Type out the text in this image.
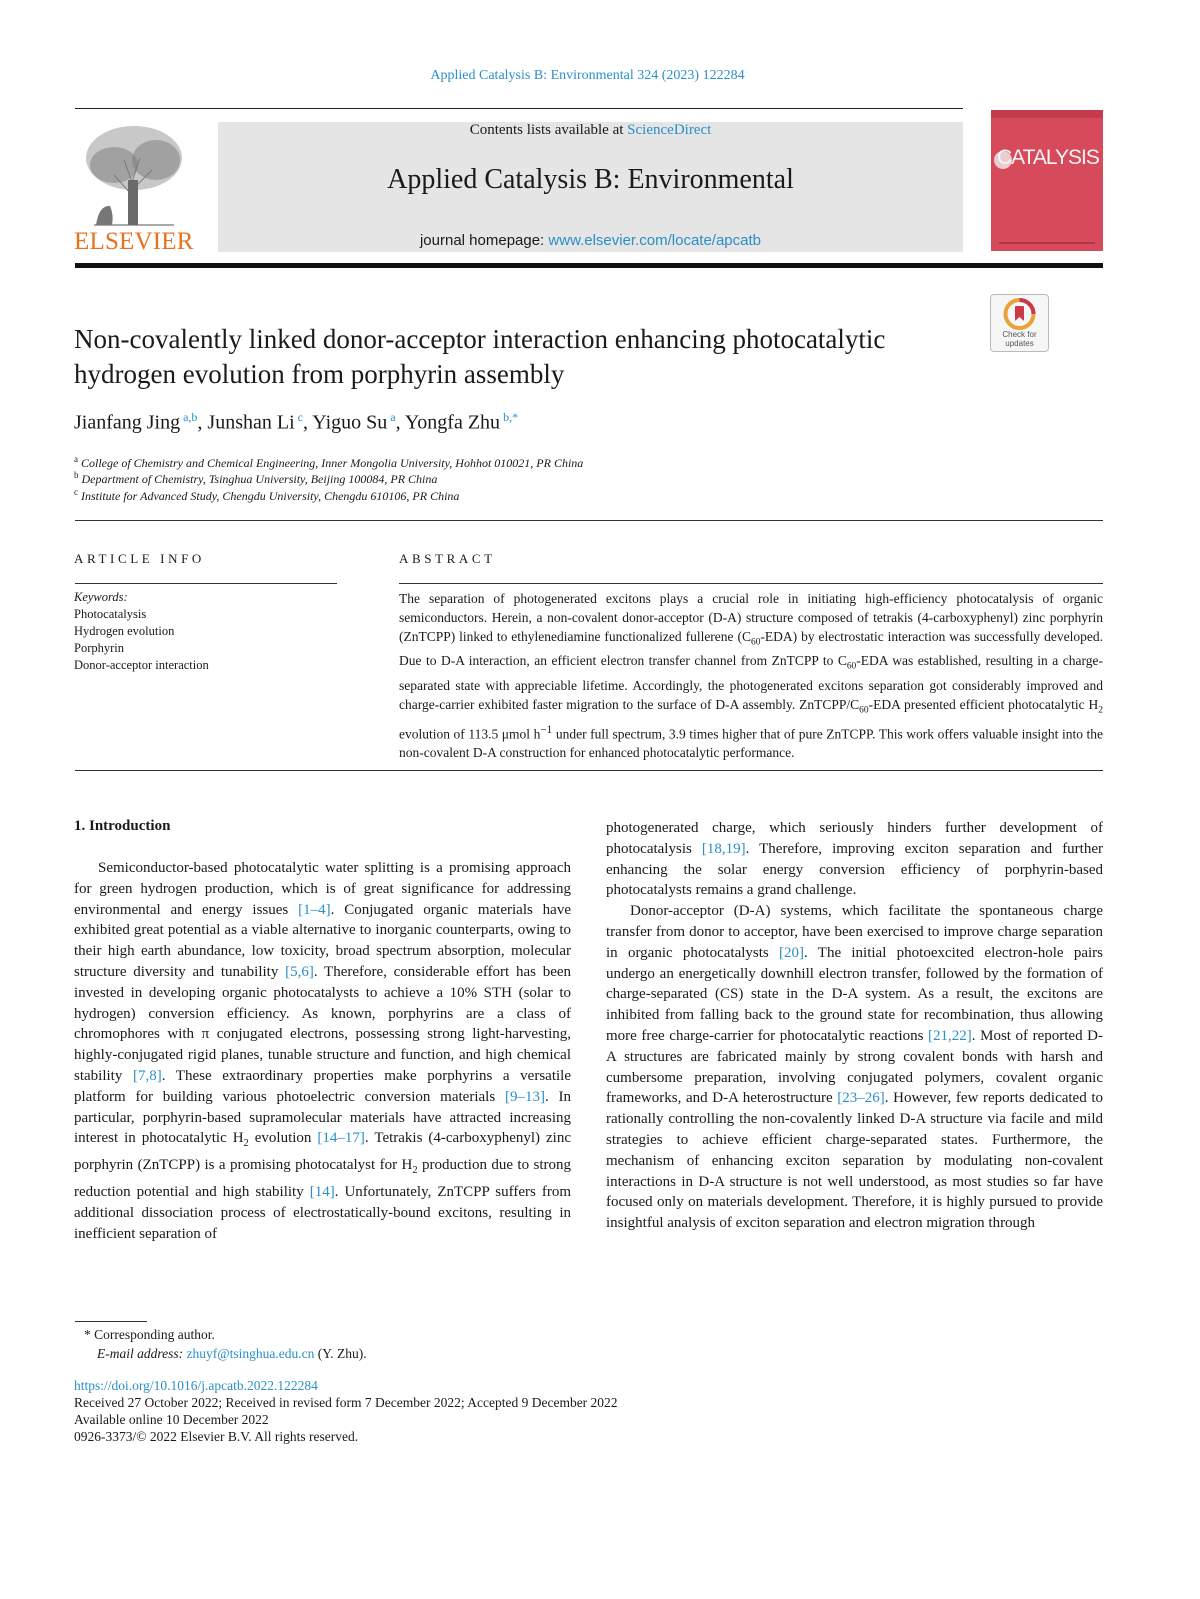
Applied Catalysis B: Environmental 324 (2023) 122284
ELSEVIER
Contents lists available at ScienceDirect
Applied Catalysis B: Environmental
journal homepage: www.elsevier.com/locate/apcatb
CATALYSIS
Check for updates
Non-covalently linked donor-acceptor interaction enhancing photocatalytic
hydrogen evolution from porphyrin assembly
Jianfang Jing $^{a,b}$, Junshan Li $^c$, Yiguo Su $^a$, Yongfa Zhu $^{b,*}$
$^a$ College of Chemistry and Chemical Engineering, Inner Mongolia University, Hohhot 010021, PR China
$^b$ Department of Chemistry, Tsinghua University, Beijing 100084, PR China
$^c$ Institute for Advanced Study, Chengdu University, Chengdu 610106, PR China
ARTICLE INFO	ABSTRACT
Keywords:
Photocatalysis
Hydrogen evolution
Porphyrin
Donor-acceptor interaction
The separation of photogenerated excitons plays a crucial role in initiating high-efficiency photocatalysis of organic semiconductors. Herein, a non-covalent donor-acceptor (D-A) structure composed of tetrakis (4-carboxyphenyl) zinc porphyrin (ZnTCPP) linked to ethylenediamine functionalized fullerene $(C_{60}-EDA)$ by electrostatic interaction was successfully developed. Due to D-A interaction, an efficient electron transfer channel from ZnTCPP to $C_{60}$-EDA was established, resulting in a charge-separated state with appreciable lifetime. Accordingly, the photogenerated excitons separation got considerably improved and charge-carrier exhibited faster migration to the surface of D-A assembly. ZnTCPP/$C_{60}$-EDA presented efficient photocatalytic $H_2$ evolution of 113.5 μmol $h^{-1}$ under full spectrum, 3.9 times higher that of pure ZnTCPP. This work offers valuable insight into the non-covalent D-A construction for enhanced photocatalytic performance.
1. Introduction

Semiconductor-based photocatalytic water splitting is a promising approach for green hydrogen production, which is of great significance for addressing environmental and energy issues [1–4]. Conjugated organic materials have exhibited great potential as a viable alternative to inorganic counterparts, owing to their high earth abundance, low toxicity, broad spectrum absorption, molecular structure diversity and tunability [5,6]. Therefore, considerable effort has been invested in developing organic photocatalysts to achieve a 10% STH (solar to hydrogen) conversion efficiency. As known, porphyrins are a class of chromophores with π conjugated electrons, possessing strong light-harvesting, highly-conjugated rigid planes, tunable structure and function, and high chemical stability [7,8]. These extraordinary properties make porphyrins a versatile platform for building various photoelectric conversion materials [9–13]. In particular, porphyrin-based supramolecular materials have attracted increasing interest in photocatalytic $H_2$ evolution [14–17]. Tetrakis (4-carboxyphenyl) zinc porphyrin (ZnTCPP) is a promising photocatalyst for $H_2$ production due to strong reduction potential and high stability [14]. Unfortunately, ZnTCPP suffers from additional dissociation process of electrostatically-bound excitons, resulting in inefficient separation of

photogenerated charge, which seriously hinders further development of photocatalysis [18,19]. Therefore, improving exciton separation and further enhancing the solar energy conversion efficiency of porphyrin-based photocatalysts remains a grand challenge.

Donor-acceptor (D-A) systems, which facilitate the spontaneous charge transfer from donor to acceptor, have been exercised to improve charge separation in organic photocatalysts [20]. The initial photoexcited electron-hole pairs undergo an energetically downhill electron transfer, followed by the formation of charge-separated (CS) state in the D-A system. As a result, the excitons are inhibited from falling back to the ground state for recombination, thus allowing more free charge-carrier for photocatalytic reactions [21,22]. Most of reported D-A structures are fabricated mainly by strong covalent bonds with harsh and cumbersome preparation, involving conjugated polymers, covalent organic frameworks, and D-A heterostructure [23–26]. However, few reports dedicated to rationally controlling the non-covalently linked D-A structure via facile and mild strategies to achieve efficient charge-separated states. Furthermore, the mechanism of enhancing exciton separation by modulating non-covalent interactions in D-A structure is not well understood, as most studies so far have focused only on materials development. Therefore, it is highly pursued to provide insightful analysis of exciton separation and electron migration through

* Corresponding author.
E-mail address: zhuyf@tsinghua.edu.cn (Y. Zhu).
https://doi.org/10.1016/j.apcatb.2022.122284
Received 27 October 2022; Received in revised form 7 December 2022; Accepted 9 December 2022
Available online 10 December 2022
0926-3373/© 2022 Elsevier B.V. All rights reserved.
